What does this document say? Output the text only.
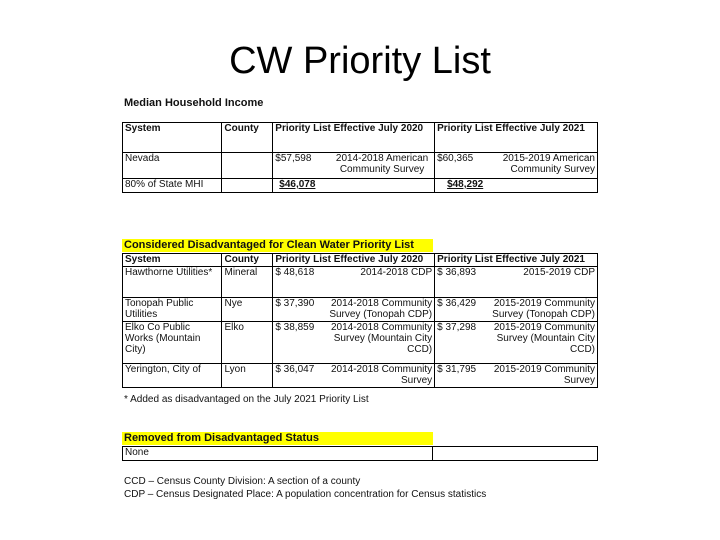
CW Priority List
Median Household Income
System	County	Priority List Effective July 2020	Priority List Effective July 2021
Nevada		$57,598 2014-2018 American Community Survey	$60,365 2015-2019 American Community Survey

80% of State MHI		$46,078	$48,292
Considered Disadvantaged for Clean Water Priority List
System	County	Priority List Effective July 2020	Priority List Effective July 2021
Hawthorne Utilities*	Mineral	$ 48,618 2014-2018 CDP	$ 36,893 2015-2019 CDP

Tonopah Public Utilities	Nye	$ 37,390 2014-2018 Community Survey (Tonopah CDP)	$ 36,429 2015-2019 Community Survey (Tonopah CDP)

Elko Co Public Works (Mountain City)	Elko	$ 38,859 2014-2018 Community Survey (Mountain City CCD)	$ 37,298 2015-2019 Community Survey (Mountain City CCD)

Yerington, City of	Lyon	$ 36,047 2014-2018 Community Survey	$ 31,795 2015-2019 Community Survey
* Added as disadvantaged on the July 2021 Priority List
Removed from Disadvantaged Status
None	
CCD – Census County Division: A section of a county
CDP – Census Designated Place: A population concentration for Census statistics
